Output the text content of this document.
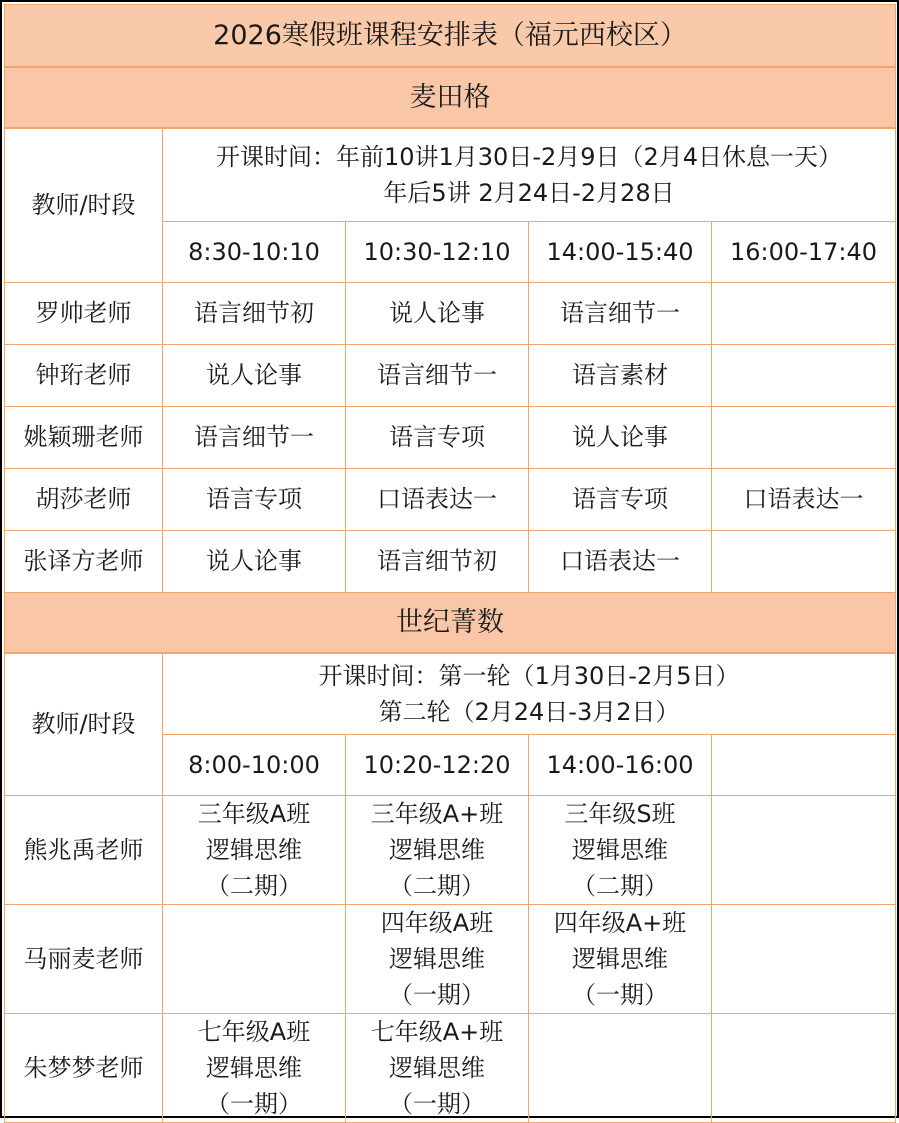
2026寒假班课程安排表（福元西校区）				
麦田格				
教师/时段	开课时间：年前10讲1月30日-2月9日（2月4日休息一天）
年后5讲 2月24日-2月28日			

	8:30-10:10	10:30-12:10	14:00-15:40	16:00-17:40
罗帅老师	语言细节初	说人论事	语言细节一	
钟珩老师	说人论事	语言细节一	语言素材	
姚颖珊老师	语言细节一	语言专项	说人论事	
胡莎老师	语言专项	口语表达一	语言专项	口语表达一
张译方老师	说人论事	语言细节初	口语表达一	
世纪菁数				
教师/时段	开课时间：第一轮（1月30日-2月5日）
第二轮（2月24日-3月2日）			

	8:00-10:00	10:20-12:20	14:00-16:00	
熊兆禹老师	三年级A班
逻辑思维
（二期）	三年级A+班
逻辑思维
（二期）	三年级S班
逻辑思维
（二期）	

马丽麦老师		四年级A班
逻辑思维
（一期）	四年级A+班
逻辑思维
（一期）	

朱梦梦老师	七年级A班
逻辑思维
（一期）	七年级A+班
逻辑思维
（一期）		
